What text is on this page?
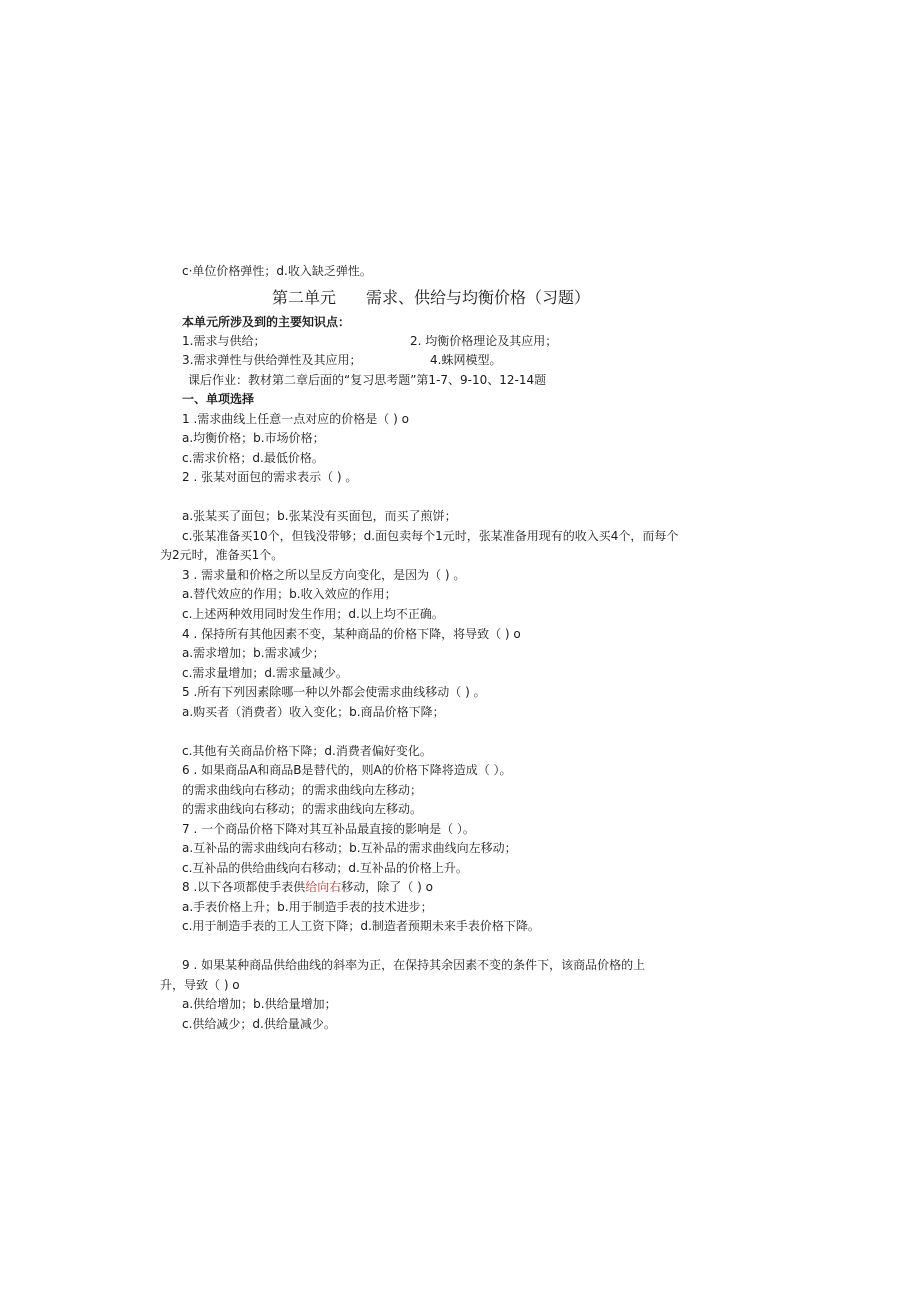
c·单位价格弹性；d.收入缺乏弹性。
第二单元 需求、供给与均衡价格（习题）
本单元所涉及到的主要知识点：
1.需求与供给；	2. 均衡价格理论及其应用；
3.需求弹性与供给弹性及其应用；	4.蛛网模型。
课后作业：教材第二章后面的“复习思考题”第1-7、9-10、12-14题
一、单项选择
1 .需求曲线上任意一点对应的价格是（ ) o
a.均衡价格；b.市场价格；
c.需求价格；d.最低价格。
2 . 张某对面包的需求表示（ ) 。
a.张某买了面包；b.张某没有买面包，而买了煎饼；
c.张某准备买10个，但钱没带够；d.面包卖每个1元时，张某准备用现有的收入买4个，而每个
为2元时，准备买1个。
3 . 需求量和价格之所以呈反方向变化，是因为（ ) 。
a.替代效应的作用；b.收入效应的作用；
c.上述两种效用同时发生作用；d.以上均不正确。
4 . 保持所有其他因素不变，某种商品的价格下降，将导致（ ) o
a.需求增加；b.需求减少；
c.需求量增加；d.需求量减少。
5 .所有下列因素除哪一种以外都会使需求曲线移动（ ) 。
a.购买者（消费者）收入变化；b.商品价格下降；
c.其他有关商品价格下降；d.消费者偏好变化。
6 . 如果商品A和商品B是替代的，则A的价格下降将造成（ ）。
的需求曲线向右移动；的需求曲线向左移动；
的需求曲线向右移动；的需求曲线向左移动。
7 . 一个商品价格下降对其互补品最直接的影响是（ ）。
a.互补品的需求曲线向右移动；b.互补品的需求曲线向左移动；
c.互补品的供给曲线向右移动；d.互补品的价格上升。
8 .以下各项都使手表供给向右移动，除了（ ) o
a.手表价格上升；b.用于制造手表的技术进步；
c.用于制造手表的工人工资下降；d.制造者预期未来手表价格下降。
9 . 如果某种商品供给曲线的斜率为正，在保持其余因素不变的条件下，该商品价格的上
升，导致（ ) o
a.供给增加；b.供给量增加；
c.供给减少；d.供给量减少。
